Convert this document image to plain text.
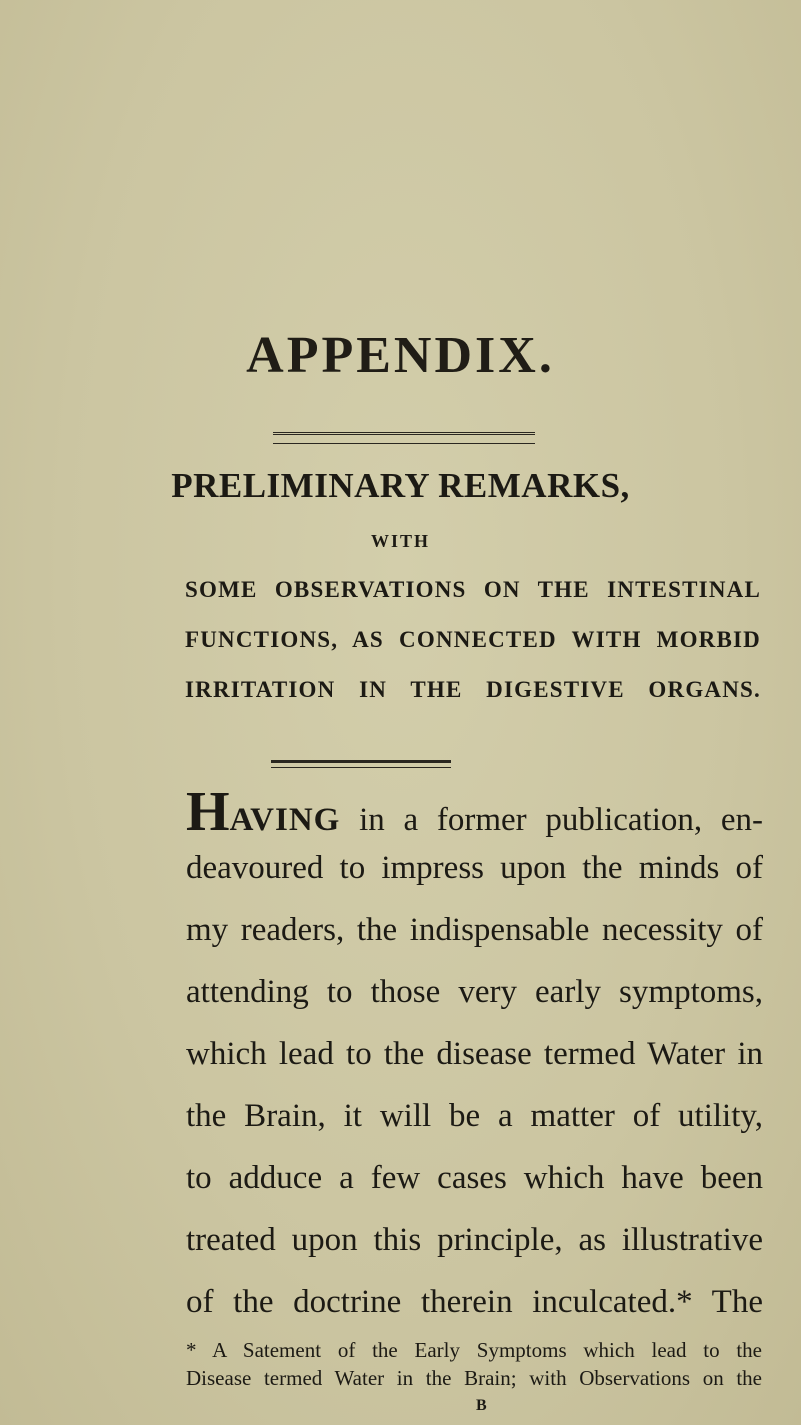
APPENDIX.
PRELIMINARY REMARKS,
WITH
SOME OBSERVATIONS ON THE INTESTINAL
FUNCTIONS, AS CONNECTED WITH MORBID
IRRITATION IN THE DIGESTIVE ORGANS.
HAVING in a former publication, en-
deavoured to impress upon the minds of
my readers, the indispensable necessity of
attending to those very early symptoms,
which lead to the disease termed Water in
the Brain, it will be a matter of utility,
to adduce a few cases which have been
treated upon this principle, as illustrative
of the doctrine therein inculcated.* The
* A Satement of the Early Symptoms which lead to the
Disease termed Water in the Brain; with Observations on the
B
